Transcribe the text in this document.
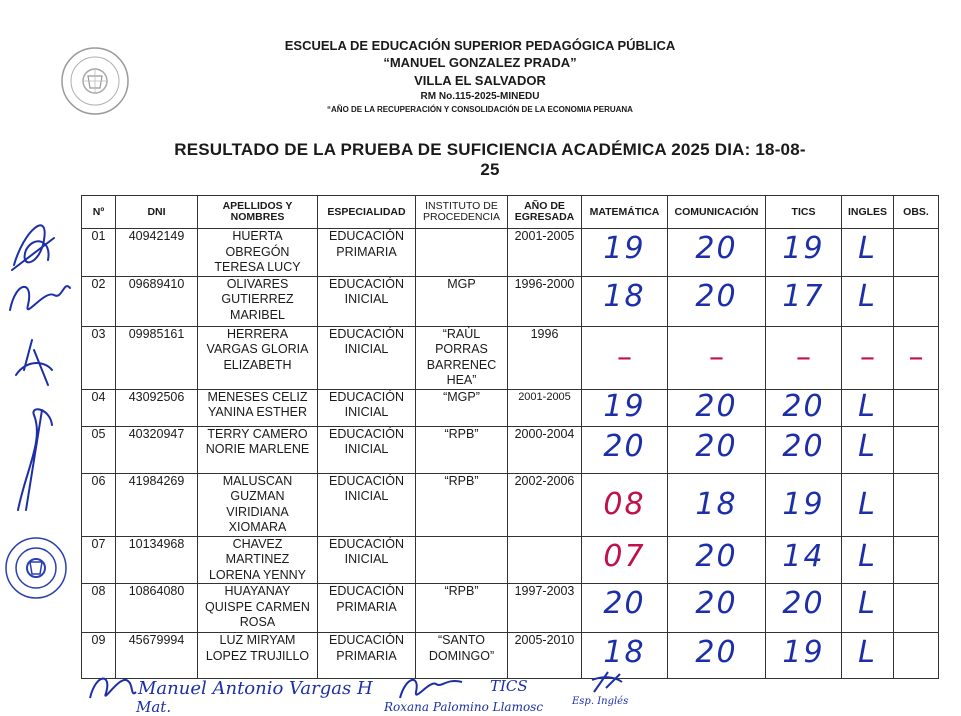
ESCUELA DE EDUCACIÓN SUPERIOR PEDAGÓGICA PÚBLICA
“MANUEL GONZALEZ PRADA”
VILLA EL SALVADOR
RM No.115-2025-MINEDU
“AÑO DE LA RECUPERACIÓN Y CONSOLIDACIÓN DE LA ECONOMIA PERUANA
RESULTADO DE LA PRUEBA DE SUFICIENCIA ACADÉMICA 2025 DIA: 18-08-25
Nº	DNI	APELLIDOS Y NOMBRES	ESPECIALIDAD	INSTITUTO DE PROCEDENCIA	AÑO DE EGRESADA	MATEMÁTICA	COMUNICACIÓN	TICS	INGLES	OBS.
01	40942149	HUERTA OBREGÓN TERESA LUCY	EDUCACIÓN PRIMARIA		2001-2005	19	20	19	L	

02	09689410	OLIVARES GUTIERREZ MARIBEL	EDUCACIÓN INICIAL	MGP	1996-2000	18	20	17	L	

03	09985161	HERRERA VARGAS GLORIA ELIZABETH	EDUCACIÓN INICIAL	“RAÚL PORRAS BARRENEC HEA”	1996	–	–	–	–	–

04	43092506	MENESES CELIZ YANINA ESTHER	EDUCACIÓN INICIAL	“MGP”	2001-2005	19	20	20	L	

05	40320947	TERRY CAMERO NORIE MARLENE	EDUCACIÓN INICIAL	“RPB”	2000-2004	20	20	20	L	

06	41984269	MALUSCAN GUZMAN VIRIDIANA XIOMARA	EDUCACIÓN INICIAL	“RPB”	2002-2006	08	18	19	L	

07	10134968	CHAVEZ MARTINEZ LORENA YENNY	EDUCACIÓN INICIAL			07	20	14	L	

08	10864080	HUAYANAY QUISPE CARMEN ROSA	EDUCACIÓN PRIMARIA	“RPB”	1997-2003	20	20	20	L	

09	45679994	LUZ MIRYAM LOPEZ TRUJILLO	EDUCACIÓN PRIMARIA	“SANTO DOMINGO”	2005-2010	18	20	19	L	

Manuel Antonio Vargas H
Mat.
TICS
Roxana Palomino Llamosc	Esp. Inglés
